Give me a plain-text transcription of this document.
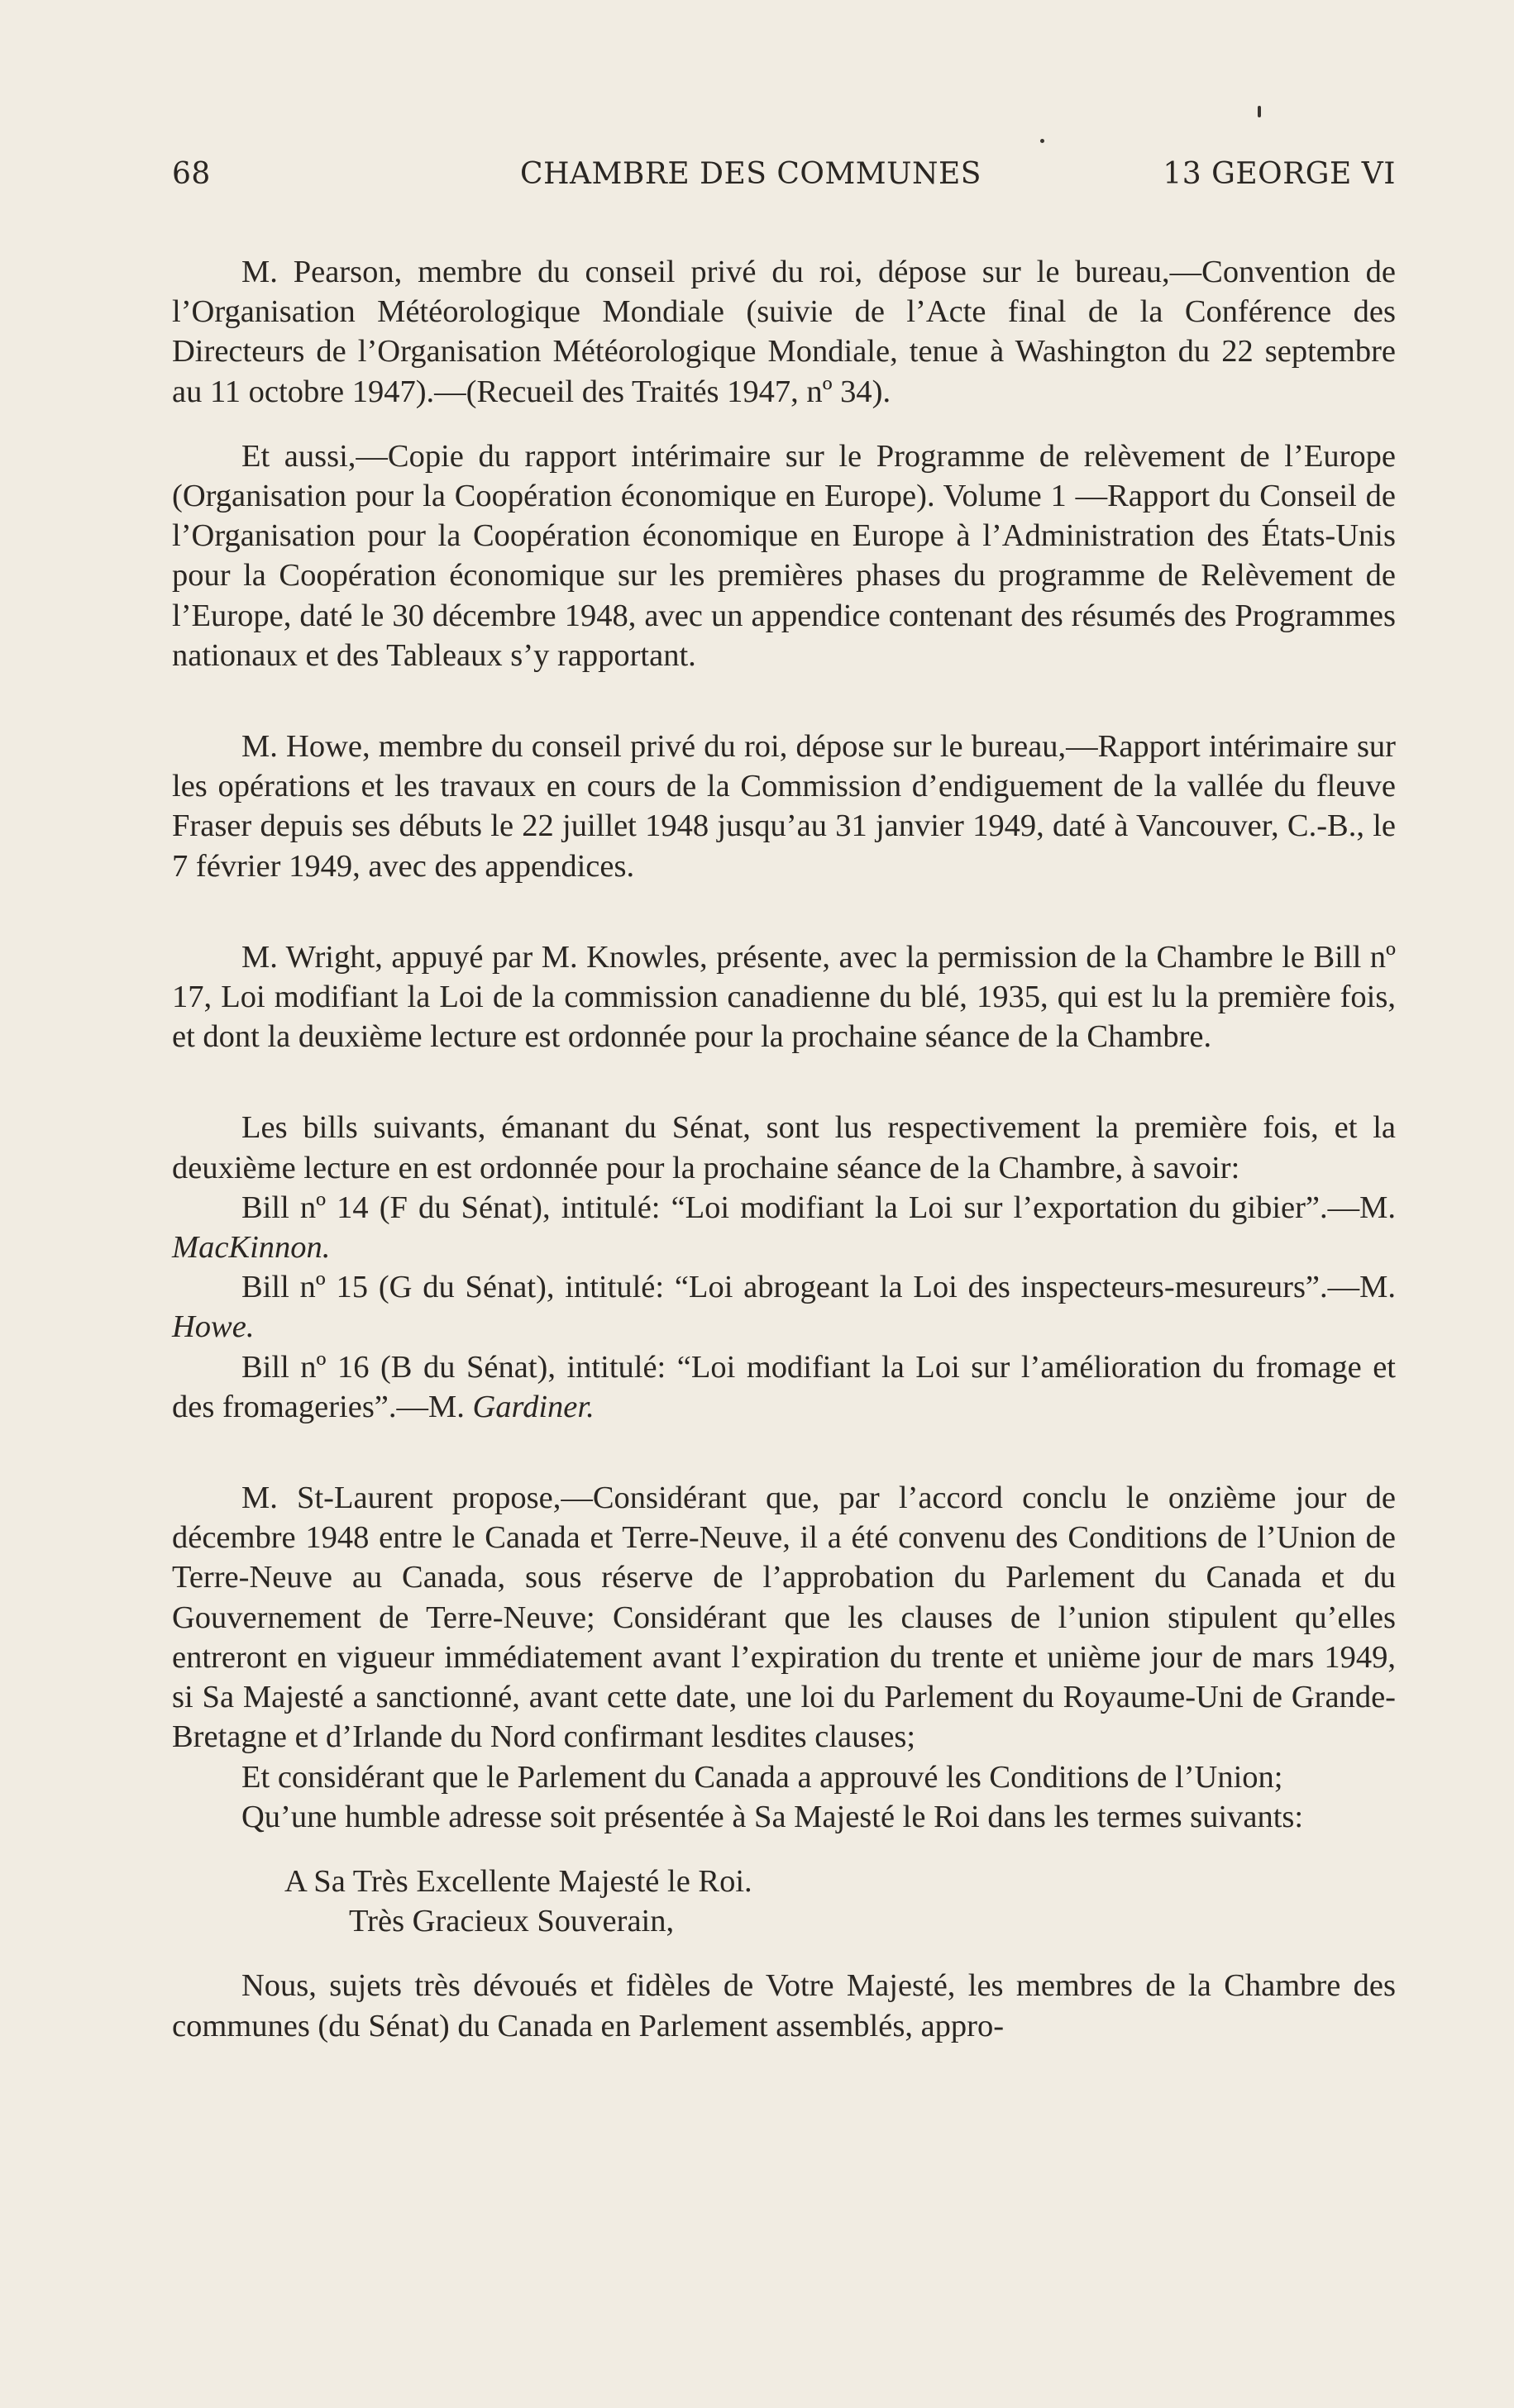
68	CHAMBRE DES COMMUNES	13 GEORGE VI

M. Pearson, membre du conseil privé du roi, dépose sur le bureau,—Convention de l’Organisation Météorologique Mondiale (suivie de l’Acte final de la Conférence des Directeurs de l’Organisation Météorologique Mondiale, tenue à Washington du 22 septembre au 11 octobre 1947).—(Recueil des Traités 1947, nº 34).

Et aussi,—Copie du rapport intérimaire sur le Programme de relèvement de l’Europe (Organisation pour la Coopération économique en Europe). Volume 1 —Rapport du Conseil de l’Organisation pour la Coopération économique en Europe à l’Administration des États-Unis pour la Coopération économique sur les premières phases du programme de Relèvement de l’Europe, daté le 30 décembre 1948, avec un appendice contenant des résumés des Programmes nationaux et des Tableaux s’y rapportant.

M. Howe, membre du conseil privé du roi, dépose sur le bureau,—Rapport intérimaire sur les opérations et les travaux en cours de la Commission d’endiguement de la vallée du fleuve Fraser depuis ses débuts le 22 juillet 1948 jusqu’au 31 janvier 1949, daté à Vancouver, C.-B., le 7 février 1949, avec des appendices.

M. Wright, appuyé par M. Knowles, présente, avec la permission de la Chambre le Bill nº 17, Loi modifiant la Loi de la commission canadienne du blé, 1935, qui est lu la première fois, et dont la deuxième lecture est ordonnée pour la prochaine séance de la Chambre.

Les bills suivants, émanant du Sénat, sont lus respectivement la première fois, et la deuxième lecture en est ordonnée pour la prochaine séance de la Chambre, à savoir:

Bill nº 14 (F du Sénat), intitulé: “Loi modifiant la Loi sur l’exportation du gibier”.—M. MacKinnon.

Bill nº 15 (G du Sénat), intitulé: “Loi abrogeant la Loi des inspecteurs-mesureurs”.—M. Howe.

Bill nº 16 (B du Sénat), intitulé: “Loi modifiant la Loi sur l’amélioration du fromage et des fromageries”.—M. Gardiner.

M. St-Laurent propose,—Considérant que, par l’accord conclu le onzième jour de décembre 1948 entre le Canada et Terre-Neuve, il a été convenu des Conditions de l’Union de Terre-Neuve au Canada, sous réserve de l’approbation du Parlement du Canada et du Gouvernement de Terre-Neuve; Considérant que les clauses de l’union stipulent qu’elles entreront en vigueur immédiatement avant l’expiration du trente et unième jour de mars 1949, si Sa Majesté a sanctionné, avant cette date, une loi du Parlement du Royaume-Uni de Grande-Bretagne et d’Irlande du Nord confirmant lesdites clauses;

Et considérant que le Parlement du Canada a approuvé les Conditions de l’Union;

Qu’une humble adresse soit présentée à Sa Majesté le Roi dans les termes suivants:

A Sa Très Excellente Majesté le Roi.

Très Gracieux Souverain,

Nous, sujets très dévoués et fidèles de Votre Majesté, les membres de la Chambre des communes (du Sénat) du Canada en Parlement assemblés, appro-
